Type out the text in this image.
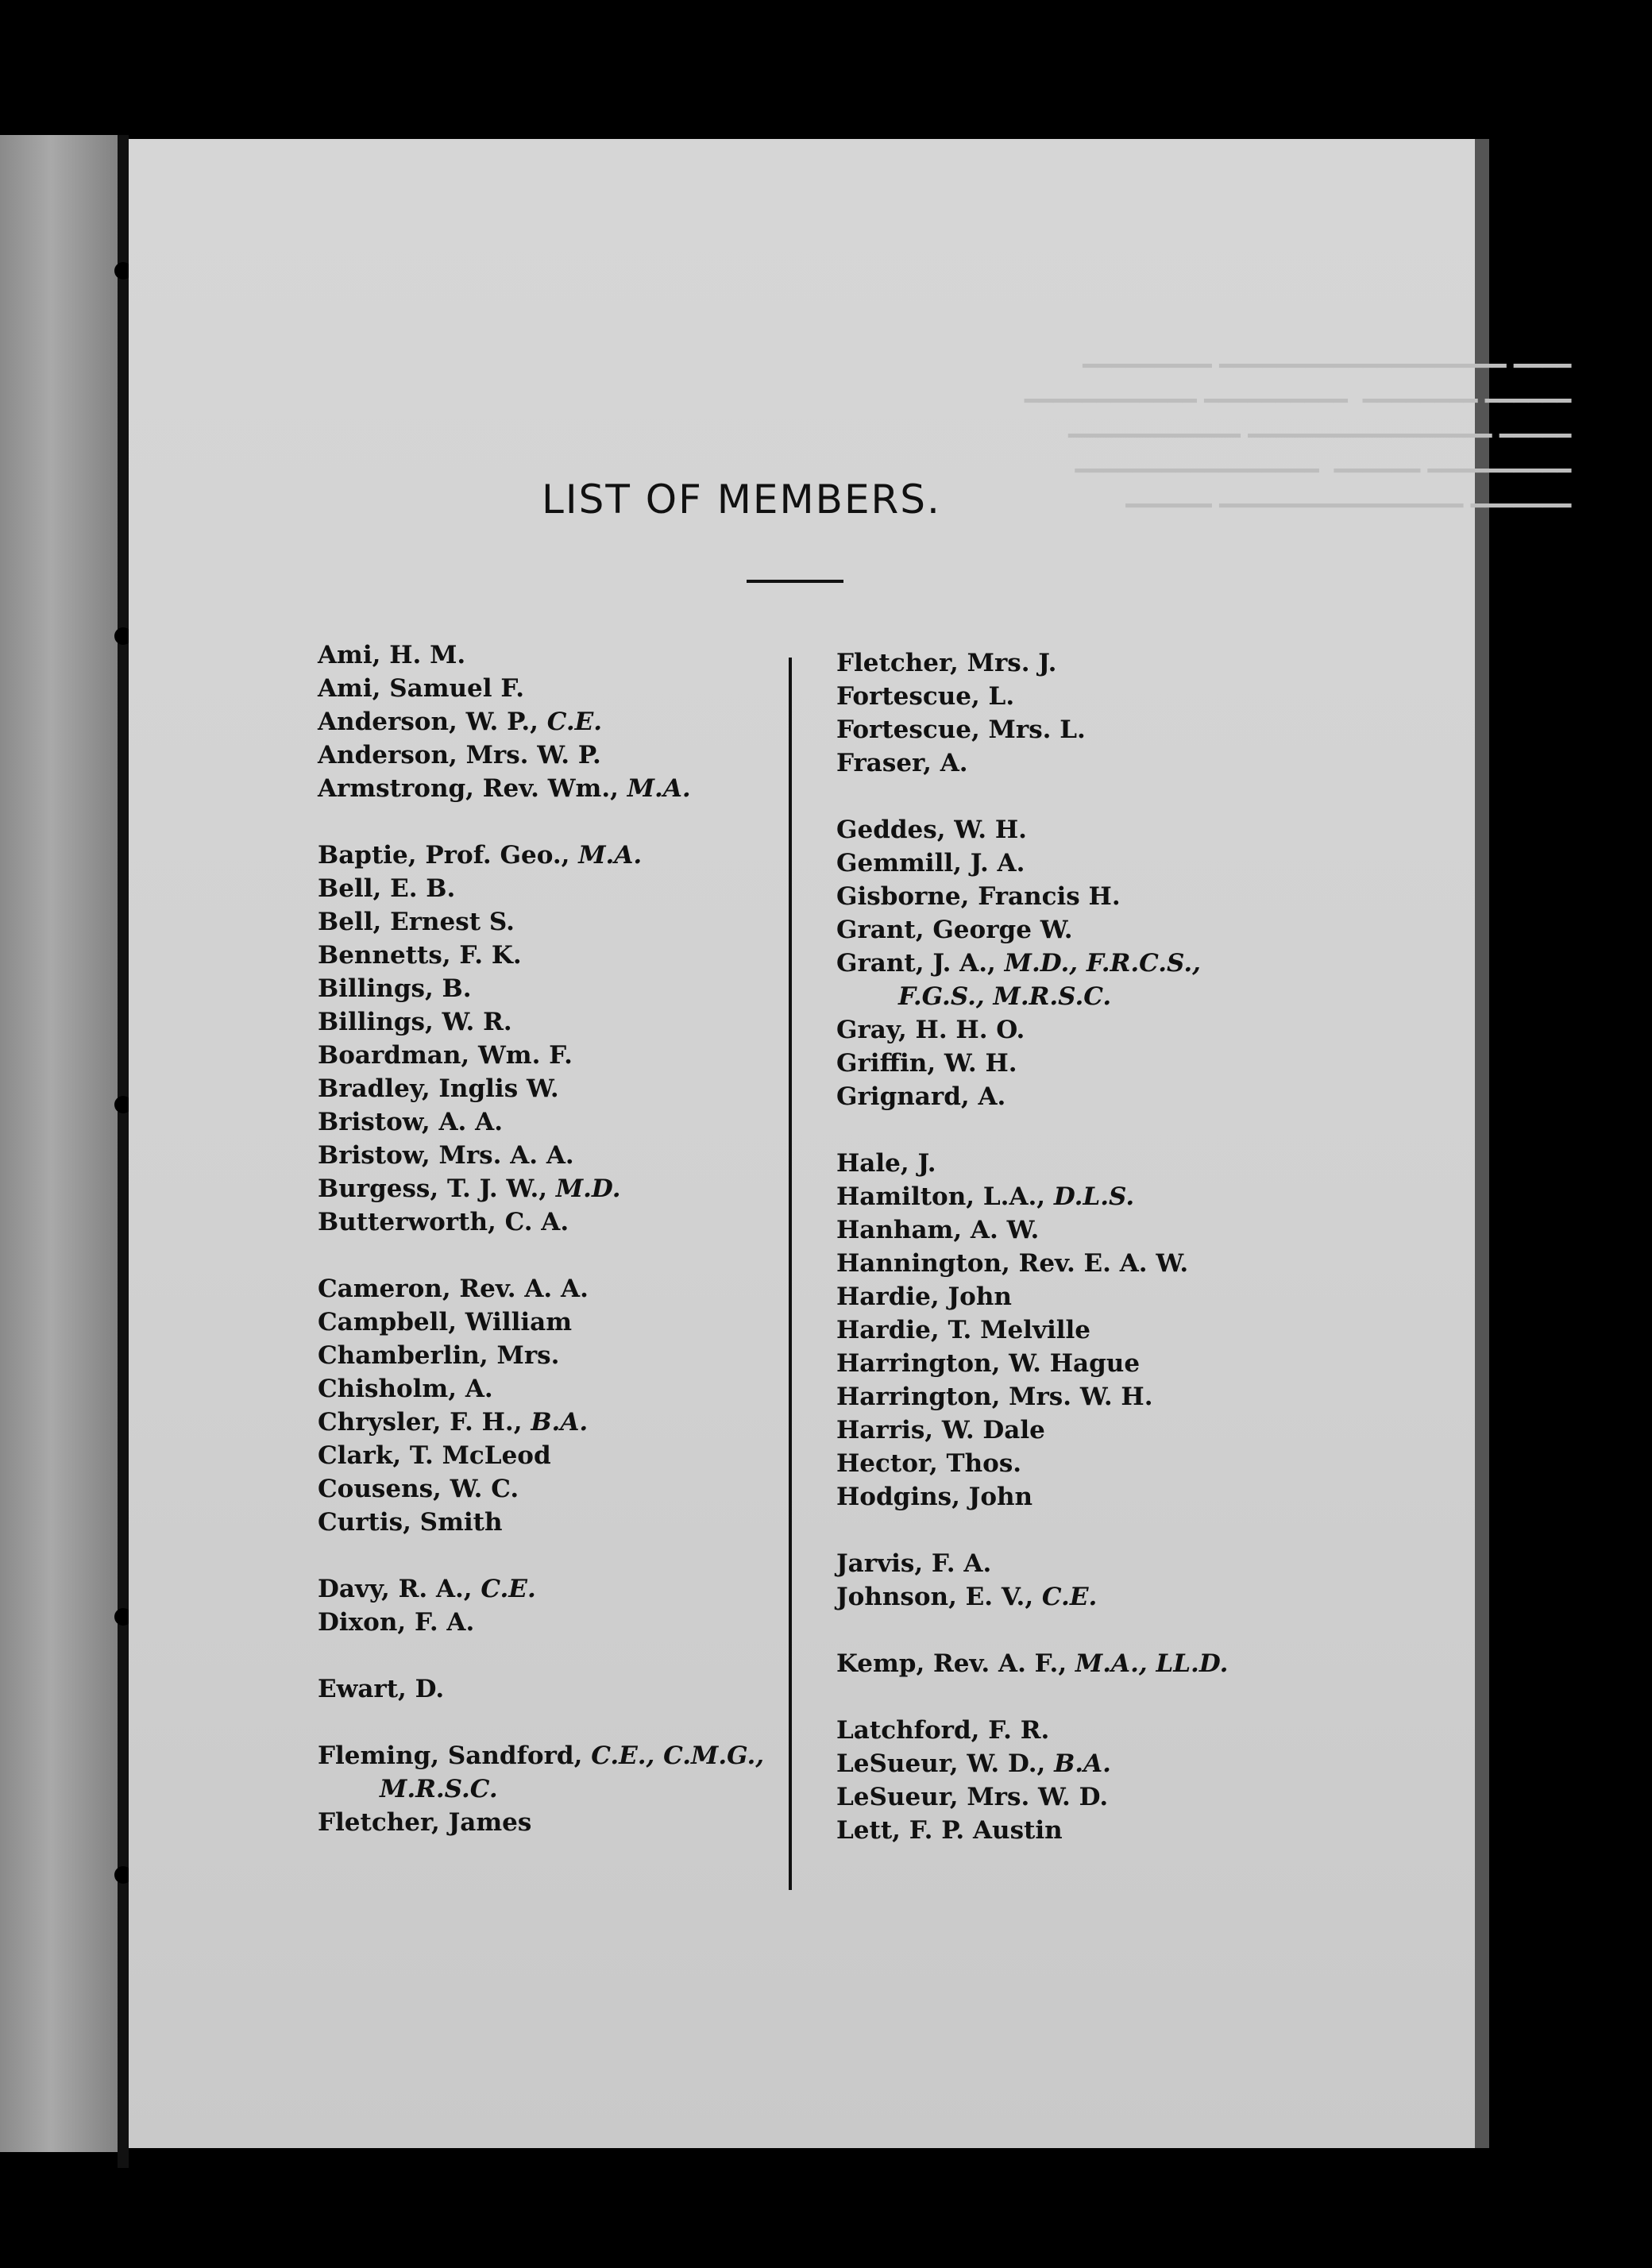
━━━━ ━━━━━━━━━━━━━━━━━━━━ ━━━━━━━━━
━━━━━━ ━━━━━━━━  ━━━━━━━━━━ ━━━━━━━━━━━━
━━━━━ ━━━━━━━━━━━━━━━━━ ━━━━━━━━━━━━
━━━━━━━━━━ ━━━━━━  ━━━━━━━━━━━━━━━━━
━━━━━━━ ━━━━━━━━━━━━━━━━━ ━━━━━━
LIST OF MEMBERS.
Ami, H. M.
Ami, Samuel F.
Anderson, W. P., C.E.
Anderson, Mrs. W. P.
Armstrong, Rev. Wm., M.A.
Baptie, Prof. Geo., M.A.
Bell, E. B.
Bell, Ernest S.
Bennetts, F. K.
Billings, B.
Billings, W. R.
Boardman, Wm. F.
Bradley, Inglis W.
Bristow, A. A.
Bristow, Mrs. A. A.
Burgess, T. J. W., M.D.
Butterworth, C. A.
Cameron, Rev. A. A.
Campbell, William
Chamberlin, Mrs.
Chisholm, A.
Chrysler, F. H., B.A.
Clark, T. McLeod
Cousens, W. C.
Curtis, Smith
Davy, R. A., C.E.
Dixon, F. A.
Ewart, D.
Fleming, Sandford, C.E., C.M.G.,
M.R.S.C.
Fletcher, James
Fletcher, Mrs. J.
Fortescue, L.
Fortescue, Mrs. L.
Fraser, A.
Geddes, W. H.
Gemmill, J. A.
Gisborne, Francis H.
Grant, George W.
Grant, J. A., M.D., F.R.C.S.,
F.G.S., M.R.S.C.
Gray, H. H. O.
Griffin, W. H.
Grignard, A.
Hale, J.
Hamilton, L.A., D.L.S.
Hanham, A. W.
Hannington, Rev. E. A. W.
Hardie, John
Hardie, T. Melville
Harrington, W. Hague
Harrington, Mrs. W. H.
Harris, W. Dale
Hector, Thos.
Hodgins, John
Jarvis, F. A.
Johnson, E. V., C.E.
Kemp, Rev. A. F., M.A., LL.D.
Latchford, F. R.
LeSueur, W. D., B.A.
LeSueur, Mrs. W. D.
Lett, F. P. Austin
